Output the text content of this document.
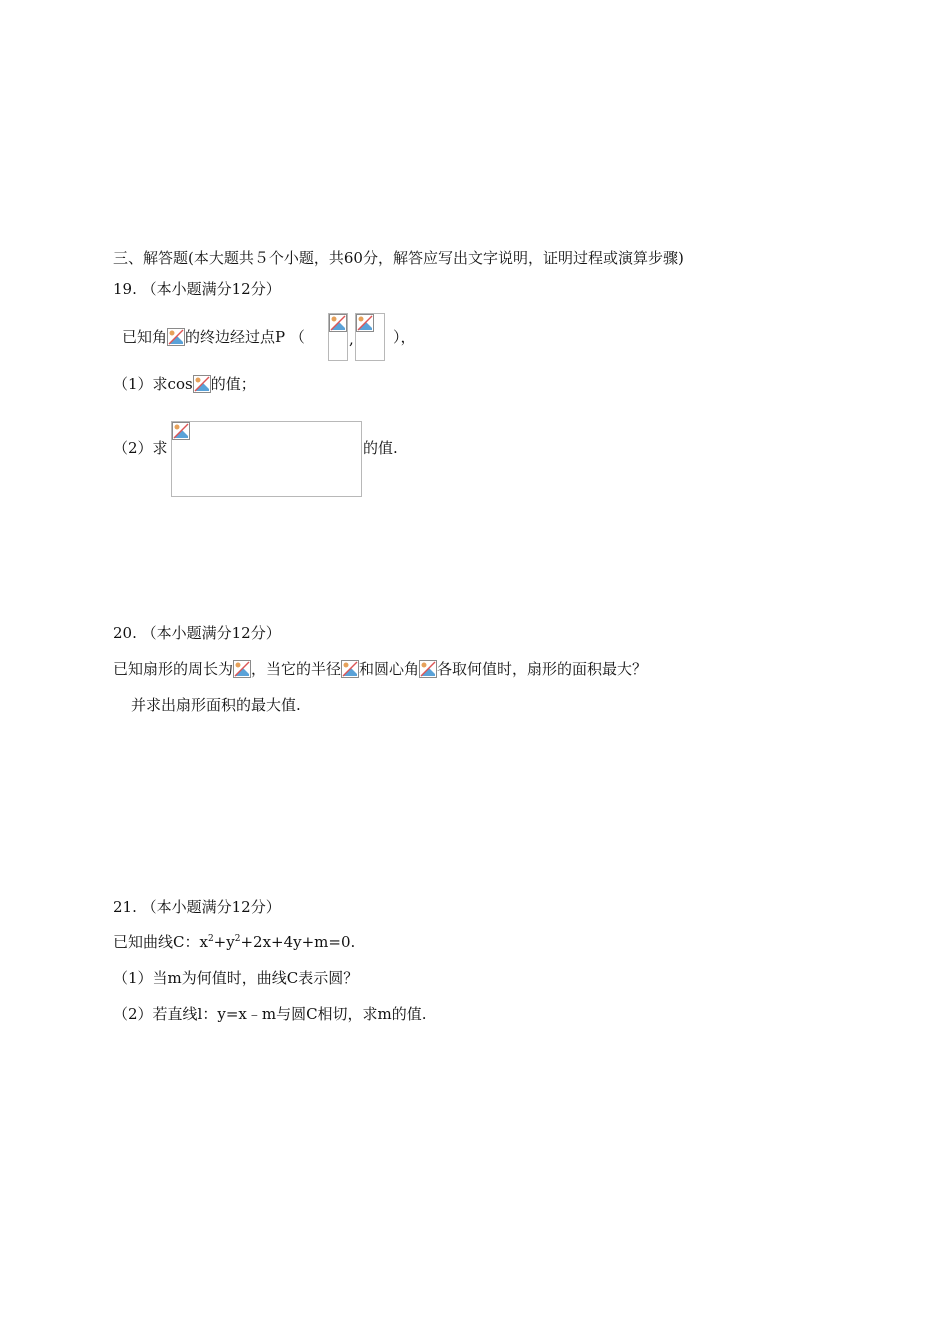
三、解答题(本大题共５个小题，共60分，解答应写出文字说明，证明过程或演算步骤)
19. （本小题满分12分）
已知角 的终边经过点P （	,	），
（1）求cos 的值；
（2）求	的值.
20. （本小题满分12分）
已知扇形的周长为 ，当它的半径 和圆心角 各取何值时，扇形的面积最大？
并求出扇形面积的最大值.
21. （本小题满分12分）
已知曲线C：$x^2+y^2+2x+4y+m=0$.
（1）当m为何值时，曲线C表示圆？
（2）若直线l：y=x﹣m与圆C相切，求m的值.
